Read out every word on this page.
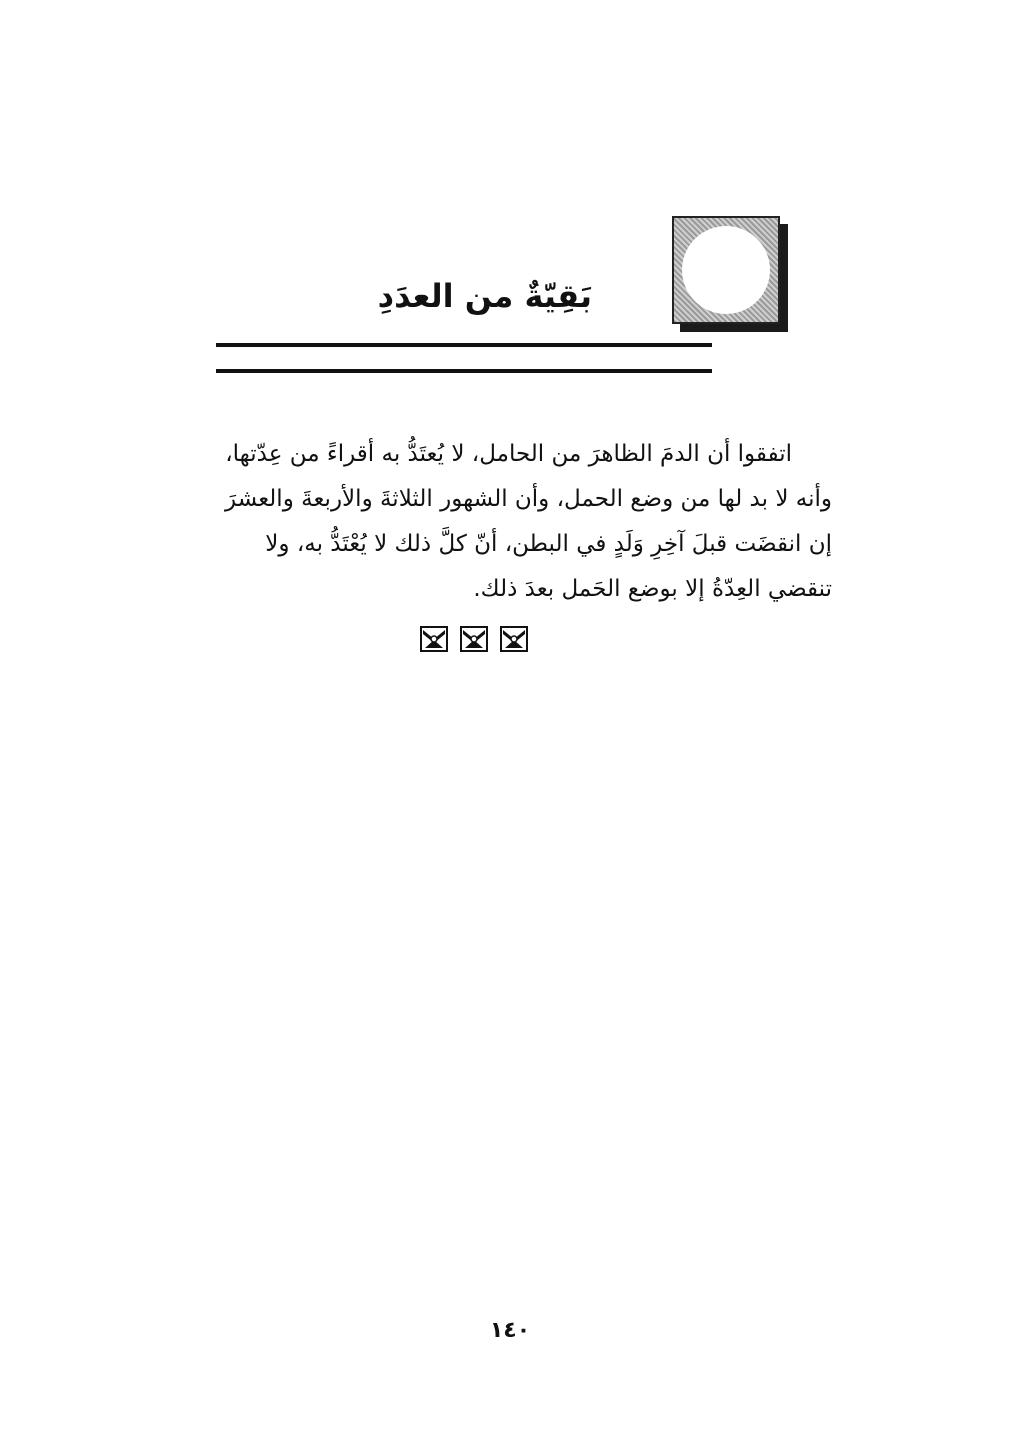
بَقِيّةٌ من العدَدِ
اتفقوا أن الدمَ الظاهرَ من الحامل، لا يُعتَدُّ به أقراءً من عِدّتها،
وأنه لا بد لها من وضع الحمل، وأن الشهور الثلاثةَ والأربعةَ والعشرَ
إن انقضَت قبلَ آخِرِ وَلَدٍ في البطن، أنّ كلَّ ذلك لا يُعْتَدُّ به، ولا
تنقضي العِدّةُ إلا بوضع الحَمل بعدَ ذلك.
١٤٠
